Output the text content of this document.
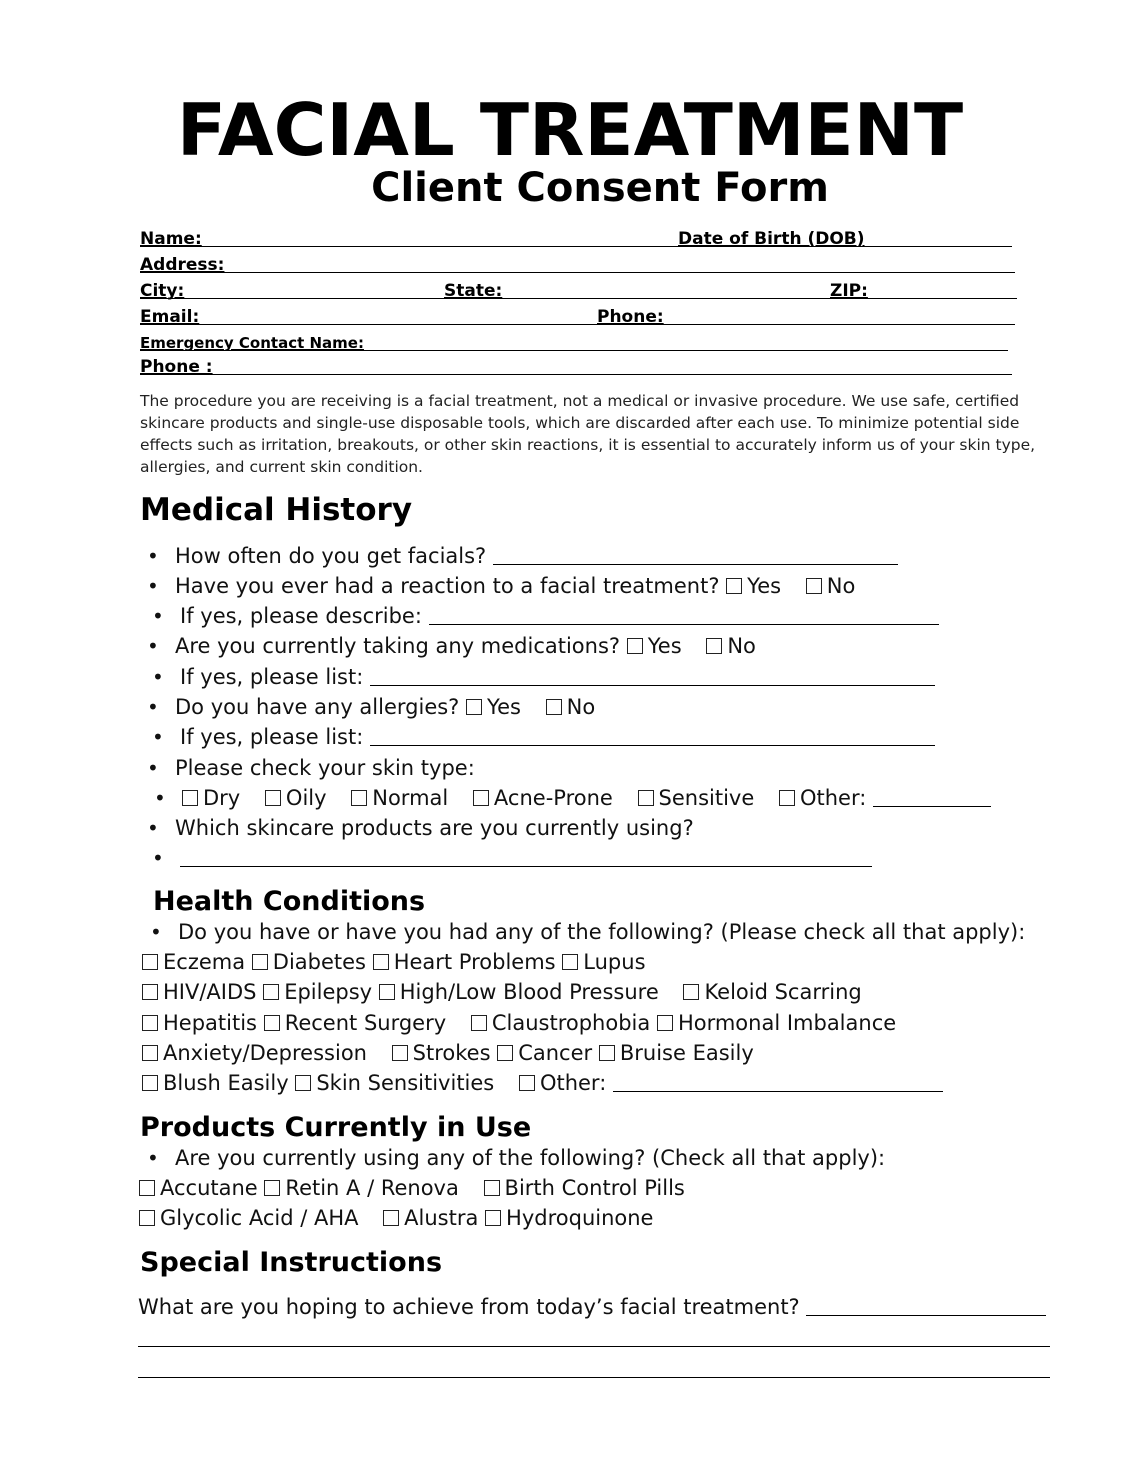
FACIAL TREATMENT
Client Consent Form
Name:	Date of Birth (DOB)
Address:
City:	State:	ZIP:
Email:	Phone:
Emergency Contact Name:
Phone :
The procedure you are receiving is a facial treatment, not a medical or invasive procedure. We use safe, certified skincare products and single-use disposable tools, which are discarded after each use. To minimize potential side effects such as irritation, breakouts, or other skin reactions, it is essential to accurately inform us of your skin type, allergies, and current skin condition.
Medical History
• How often do you get facials?
• Have you ever had a reaction to a facial treatment? Yes No
• If yes, please describe:
• Are you currently taking any medications? Yes No
• If yes, please list:
• Do you have any allergies? Yes No
• If yes, please list:
• Please check your skin type:
• Dry Oily Normal Acne-Prone Sensitive Other:
• Which skincare products are you currently using?
•
Health Conditions
• Do you have or have you had any of the following? (Please check all that apply):
Eczema Diabetes Heart Problems Lupus
HIV/AIDS Epilepsy High/Low Blood Pressure Keloid Scarring
Hepatitis Recent Surgery Claustrophobia Hormonal Imbalance
Anxiety/Depression Strokes Cancer Bruise Easily
Blush Easily Skin Sensitivities Other:
Products Currently in Use
• Are you currently using any of the following? (Check all that apply):
Accutane Retin A / Renova Birth Control Pills
Glycolic Acid / AHA Alustra Hydroquinone
Special Instructions
What are you hoping to achieve from today’s facial treatment?
